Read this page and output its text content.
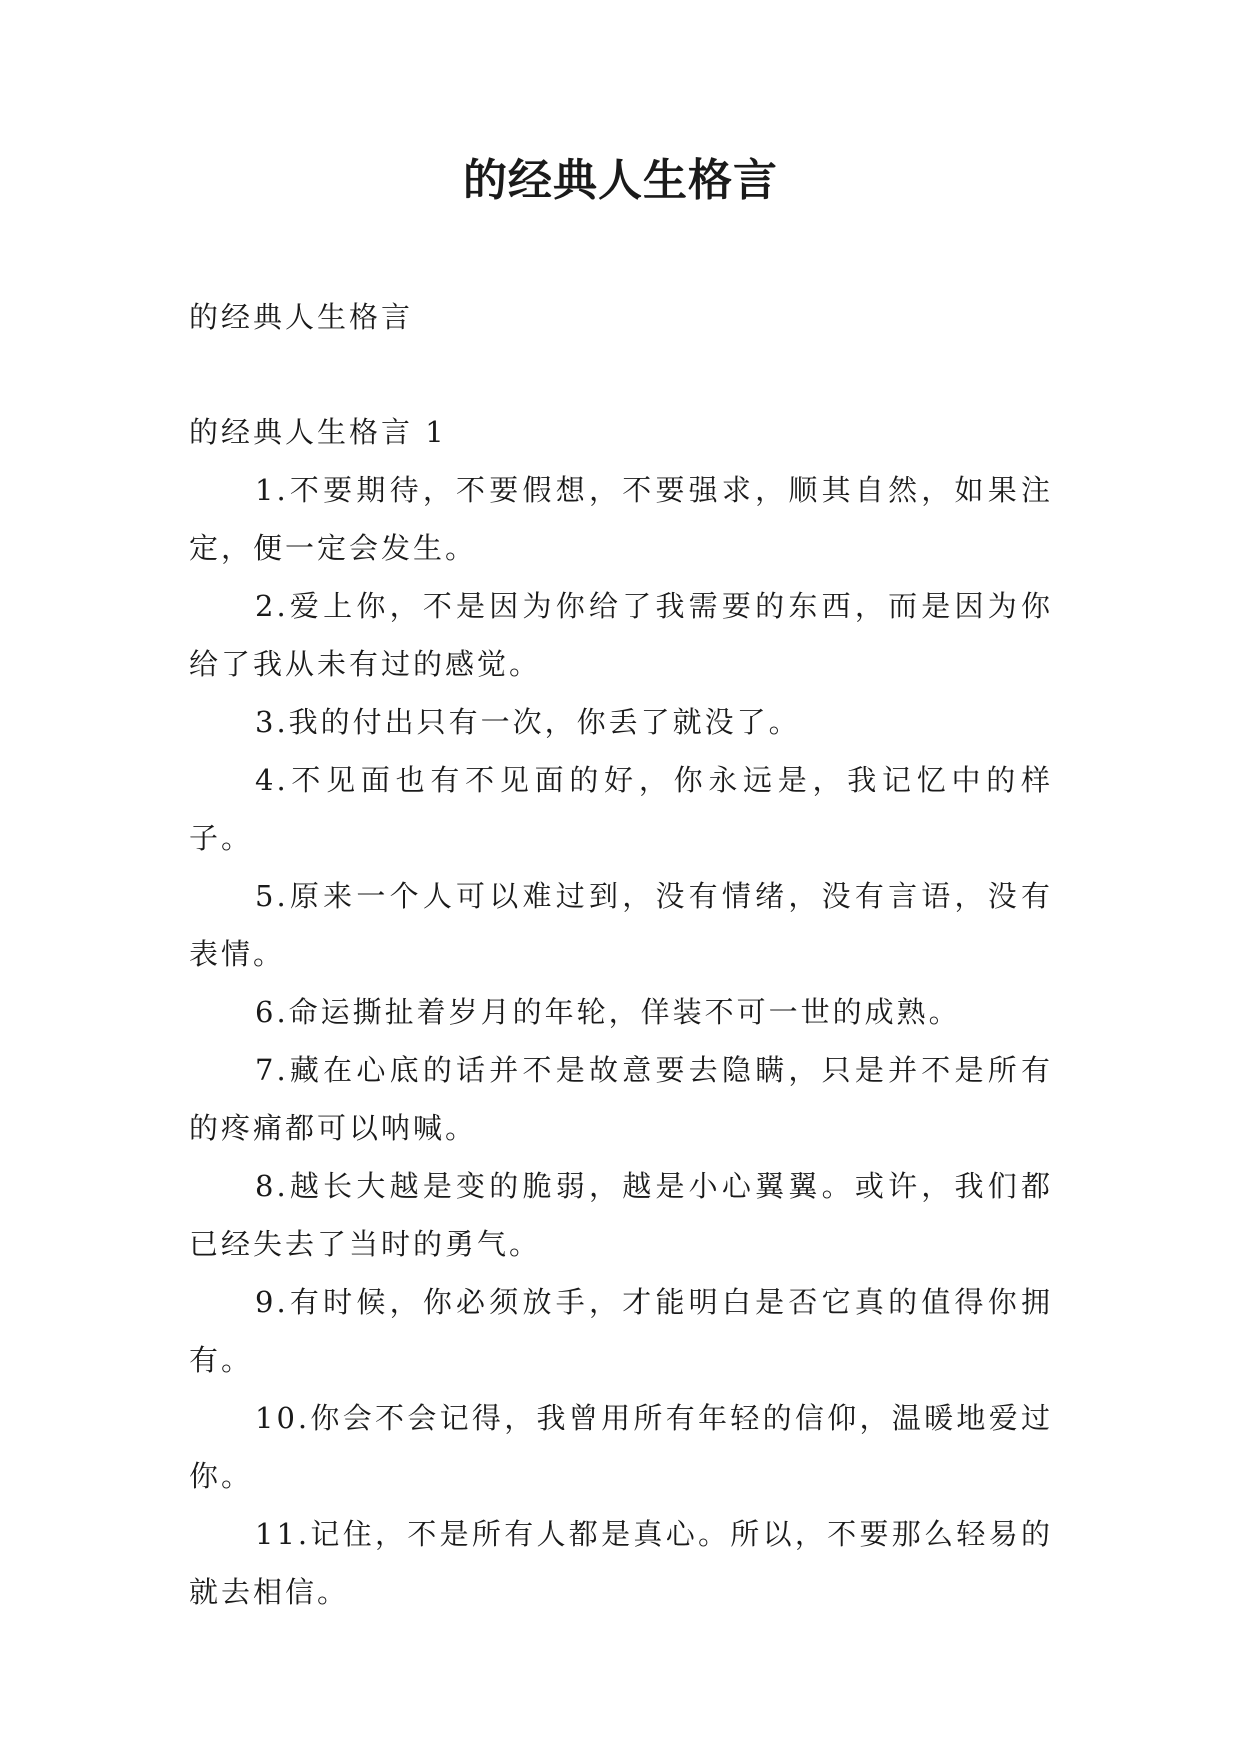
的经典人生格言

的经典人生格言

的经典人生格言 1

1.不要期待，不要假想，不要强求，顺其自然，如果注定，便一定会发生。
2.爱上你，不是因为你给了我需要的东西，而是因为你给了我从未有过的感觉。
3.我的付出只有一次，你丢了就没了。
4.不见面也有不见面的好，你永远是，我记忆中的样子。
5.原来一个人可以难过到，没有情绪，没有言语，没有表情。
6.命运撕扯着岁月的年轮，佯装不可一世的成熟。
7.藏在心底的话并不是故意要去隐瞒，只是并不是所有的疼痛都可以呐喊。
8.越长大越是变的脆弱，越是小心翼翼。或许，我们都已经失去了当时的勇气。
9.有时候，你必须放手，才能明白是否它真的值得你拥有。
10.你会不会记得，我曾用所有年轻的信仰，温暖地爱过你。
11.记住，不是所有人都是真心。所以，不要那么轻易的就去相信。
